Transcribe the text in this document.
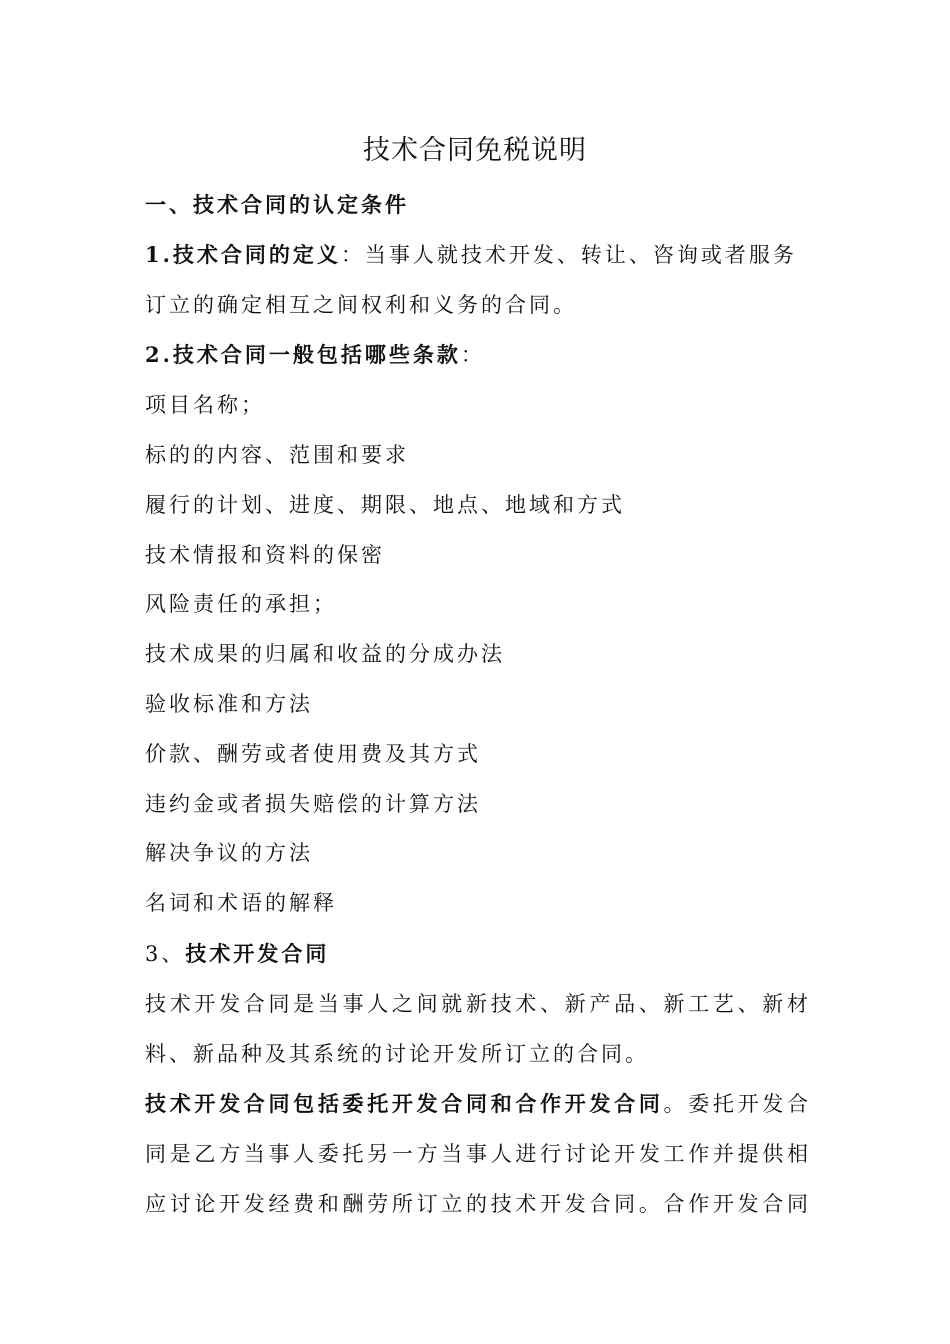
技术合同免税说明

一、技术合同的认定条件

1.技术合同的定义：当事人就技术开发、转让、咨询或者服务

订立的确定相互之间权利和义务的合同。

2.技术合同一般包括哪些条款：

项目名称；

标的的内容、范围和要求

履行的计划、进度、期限、地点、地域和方式

技术情报和资料的保密

风险责任的承担；

技术成果的归属和收益的分成办法

验收标准和方法

价款、酬劳或者使用费及其方式

违约金或者损失赔偿的计算方法

解决争议的方法

名词和术语的解释

3、技术开发合同

技术开发合同是当事人之间就新技术、新产品、新工艺、新材

料、新品种及其系统的讨论开发所订立的合同。

技术开发合同包括委托开发合同和合作开发合同。委托开发合

同是乙方当事人委托另一方当事人进行讨论开发工作并提供相

应讨论开发经费和酬劳所订立的技术开发合同。合作开发合同
